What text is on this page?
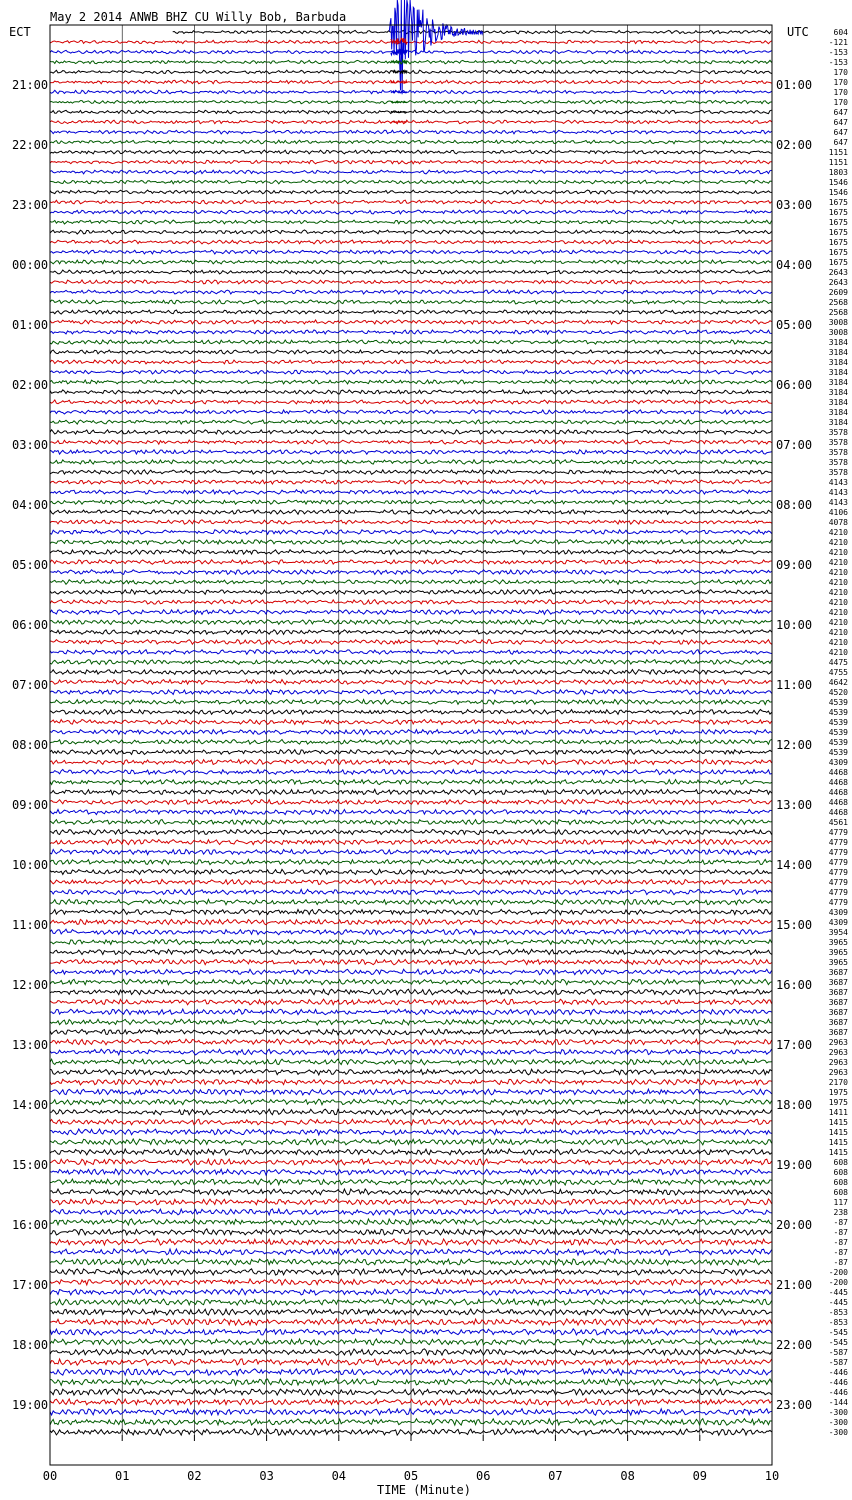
May 2 2014 ANWB BHZ CU Willy Bob, Barbuda
ECT	UTC
21:00
22:00
23:00
00:00
01:00
02:00
03:00
04:00
05:00
06:00
07:00
08:00
09:00
10:00
11:00
12:00
13:00
14:00
15:00
16:00
17:00
18:00
19:00
01:00
02:00
03:00
04:00
05:00
06:00
07:00
08:00
09:00
10:00
11:00
12:00
13:00
14:00
15:00
16:00
17:00
18:00
19:00
20:00
21:00
22:00
23:00
604
-121
-153
-153
170
170
170
170
647
647
647
647
1151
1151
1803
1546
1546
1675
1675
1675
1675
1675
1675
1675
2643
2643
2609
2568
2568
3008
3008
3184
3184
3184
3184
3184
3184
3184
3184
3184
3578
3578
3578
3578
3578
4143
4143
4143
4106
4078
4210
4210
4210
4210
4210
4210
4210
4210
4210
4210
4210
4210
4210
4475
4755
4642
4520
4539
4539
4539
4539
4539
4539
4309
4468
4468
4468
4468
4468
4561
4779
4779
4779
4779
4779
4779
4779
4779
4309
4309
3954
3965
3965
3965
3687
3687
3687
3687
3687
3687
3687
2963
2963
2963
2963
2170
1975
1975
1411
1415
1415
1415
1415
608
608
608
608
117
238
-87
-87
-87
-87
-87
-200
-200
-445
-445
-853
-853
-545
-545
-587
-587
-446
-446
-446
-144
-300
-300
-300
00	01	02	03	04	05	06	07	08	09	10
TIME (Minute)
